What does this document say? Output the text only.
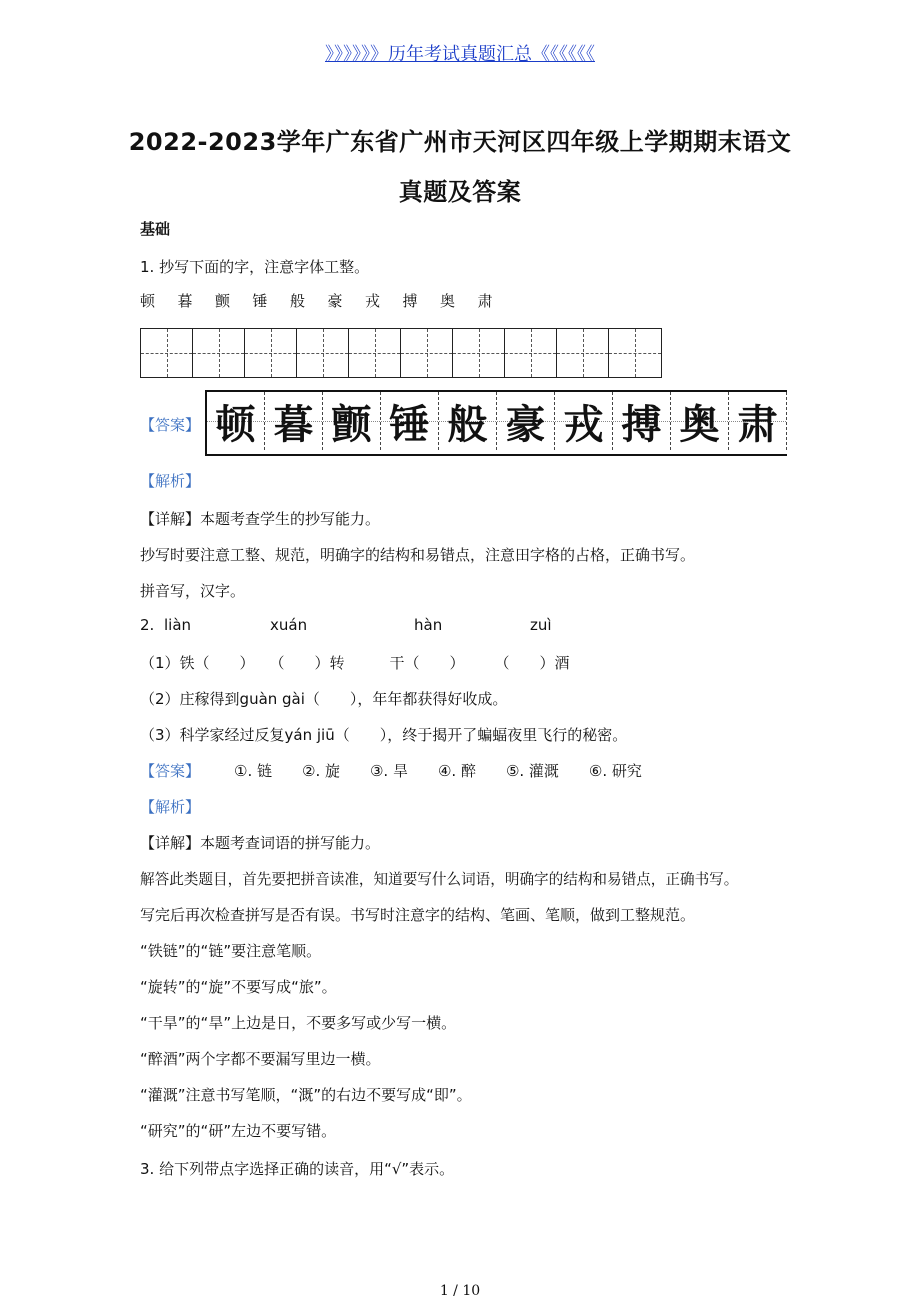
》》》》》》历年考试真题汇总《《《《《《
2022-2023学年广东省广州市天河区四年级上学期期末语文
真题及答案
基础
1. 抄写下面的字，注意字体工整。
顿 暮 颤 锤 般 豪 戎 搏 奥 肃
【答案】 顿 暮 颤 锤 般 豪 戎 搏 奥 肃
【解析】
【详解】本题考查学生的抄写能力。
抄写时要注意工整、规范，明确字的结构和易错点，注意田字格的占格，正确书写。
拼音写，汉字。
2. liàn	xuán	hàn	zuì
（1）铁（　　）　　（　　）转　　　干（　　）　　　（　　）酒
（2）庄稼得到guàn gài（　　），年年都获得好收成。
（3）科学家经过反复yán jiū（　　），终于揭开了蝙蝠夜里飞行的秘密。
【答案】 ①. 链　　②. 旋　　③. 旱　　④. 醉　　⑤. 灌溉　　⑥. 研究
【解析】
【详解】本题考查词语的拼写能力。
解答此类题目，首先要把拼音读准，知道要写什么词语，明确字的结构和易错点，正确书写。
写完后再次检查拼写是否有误。书写时注意字的结构、笔画、笔顺，做到工整规范。
“铁链”的“链”要注意笔顺。
“旋转”的“旋”不要写成“旅”。
“干旱”的“旱”上边是日，不要多写或少写一横。
“醉酒”两个字都不要漏写里边一横。
“灌溉”注意书写笔顺，“溉”的右边不要写成“即”。
“研究”的“研”左边不要写错。
3. 给下列带点字选择正确的读音，用“√”表示。
1 / 10
